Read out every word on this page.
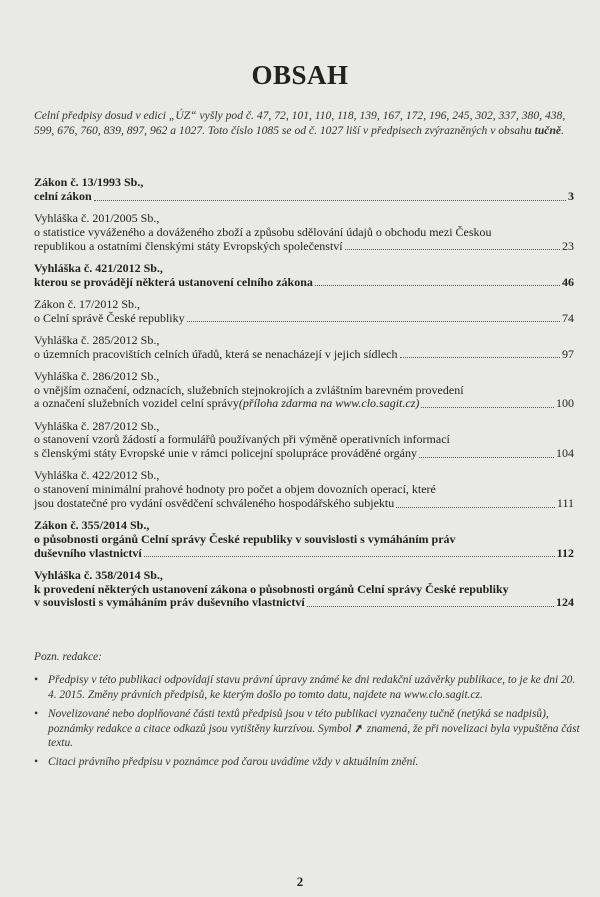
OBSAH
Celní předpisy dosud v edici „ÚZ“ vyšly pod č. 47, 72, 101, 110, 118, 139, 167, 172, 196, 245, 302, 337, 380, 438, 599, 676, 760, 839, 897, 962 a 1027. Toto číslo 1085 se od č. 1027 liší v předpisech zvýrazněných v obsahu tučně.
Zákon č. 13/1993 Sb.,
celní zákon	3
Vyhláška č. 201/2005 Sb.,
o statistice vyváženého a dováženého zboží a způsobu sdělování údajů o obchodu mezi Českou
republikou a ostatními členskými státy Evropských společenství	23
Vyhláška č. 421/2012 Sb.,
kterou se provádějí některá ustanovení celního zákona	46
Zákon č. 17/2012 Sb.,
o Celní správě České republiky	74
Vyhláška č. 285/2012 Sb.,
o územních pracovištích celních úřadů, která se nenacházejí v jejich sídlech	97
Vyhláška č. 286/2012 Sb.,
o vnějším označení, odznacích, služebních stejnokrojích a zvláštním barevném provedení
a označení služebních vozidel celní správy (příloha zdarma na www.clo.sagit.cz)	100
Vyhláška č. 287/2012 Sb.,
o stanovení vzorů žádostí a formulářů používaných při výměně operativních informací
s členskými státy Evropské unie v rámci policejní spolupráce prováděné orgány	104
Vyhláška č. 422/2012 Sb.,
o stanovení minimální prahové hodnoty pro počet a objem dovozních operací, které
jsou dostatečné pro vydání osvědčení schváleného hospodářského subjektu	111
Zákon č. 355/2014 Sb.,
o působnosti orgánů Celní správy České republiky v souvislosti s vymáháním práv
duševního vlastnictví	112
Vyhláška č. 358/2014 Sb.,
k provedení některých ustanovení zákona o působnosti orgánů Celní správy České republiky
v souvislosti s vymáháním práv duševního vlastnictví	124
Pozn. redakce:
• Předpisy v této publikaci odpovídají stavu právní úpravy známé ke dni redakční uzávěrky publikace, to je ke dni 20. 4. 2015. Změny právních předpisů, ke kterým došlo po tomto datu, najdete na www.clo.sagit.cz.
• Novelizované nebo doplňované části textů předpisů jsou v této publikaci vyznačeny tučně (netýká se nadpisů), poznámky redakce a citace odkazů jsou vytištěny kurzívou. Symbol ➚ znamená, že při novelizaci byla vypuštěna část textu.
• Citaci právního předpisu v poznámce pod čarou uvádíme vždy v aktuálním znění.
2
